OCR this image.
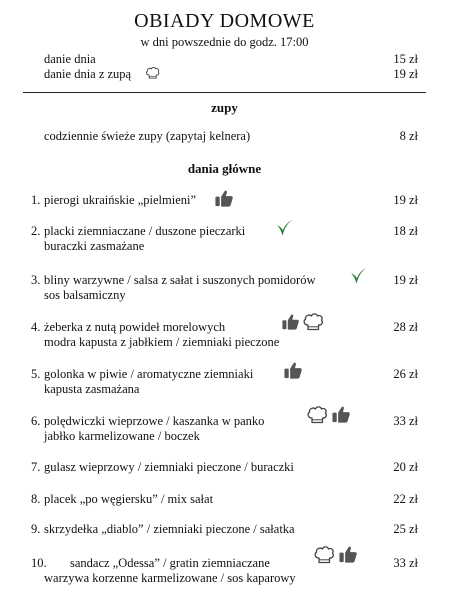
OBIADY DOMOWE
w dni powszednie do godz. 17:00
danie dnia	15 zł
danie dnia z zupą	19 zł
zupy
codziennie świeże zupy (zapytaj kelnera)	8 zł
dania główne
1. pierogi ukraińskie „pielmieni”	19 zł
2. placki ziemniaczane / duszone pieczarki
buraczki zasmażane
18 zł
3. bliny warzywne / salsa z sałat i suszonych pomidorów
sos balsamiczny
19 zł
4. żeberka z nutą powideł morelowych
modra kapusta z jabłkiem / ziemniaki pieczone
28 zł
5. golonka w piwie / aromatyczne ziemniaki
kapusta zasmażana
26 zł
6. polędwiczki wieprzowe / kaszanka w panko
jabłko karmelizowane / boczek
33 zł
7. gulasz wieprzowy / ziemniaki pieczone / buraczki	20 zł
8. placek „po węgiersku” / mix sałat	22 zł
9. skrzydełka „diablo” / ziemniaki pieczone / sałatka	25 zł
10. sandacz „Odessa” / gratin ziemniaczane
warzywa korzenne karmelizowane / sos kaparowy
33 zł
